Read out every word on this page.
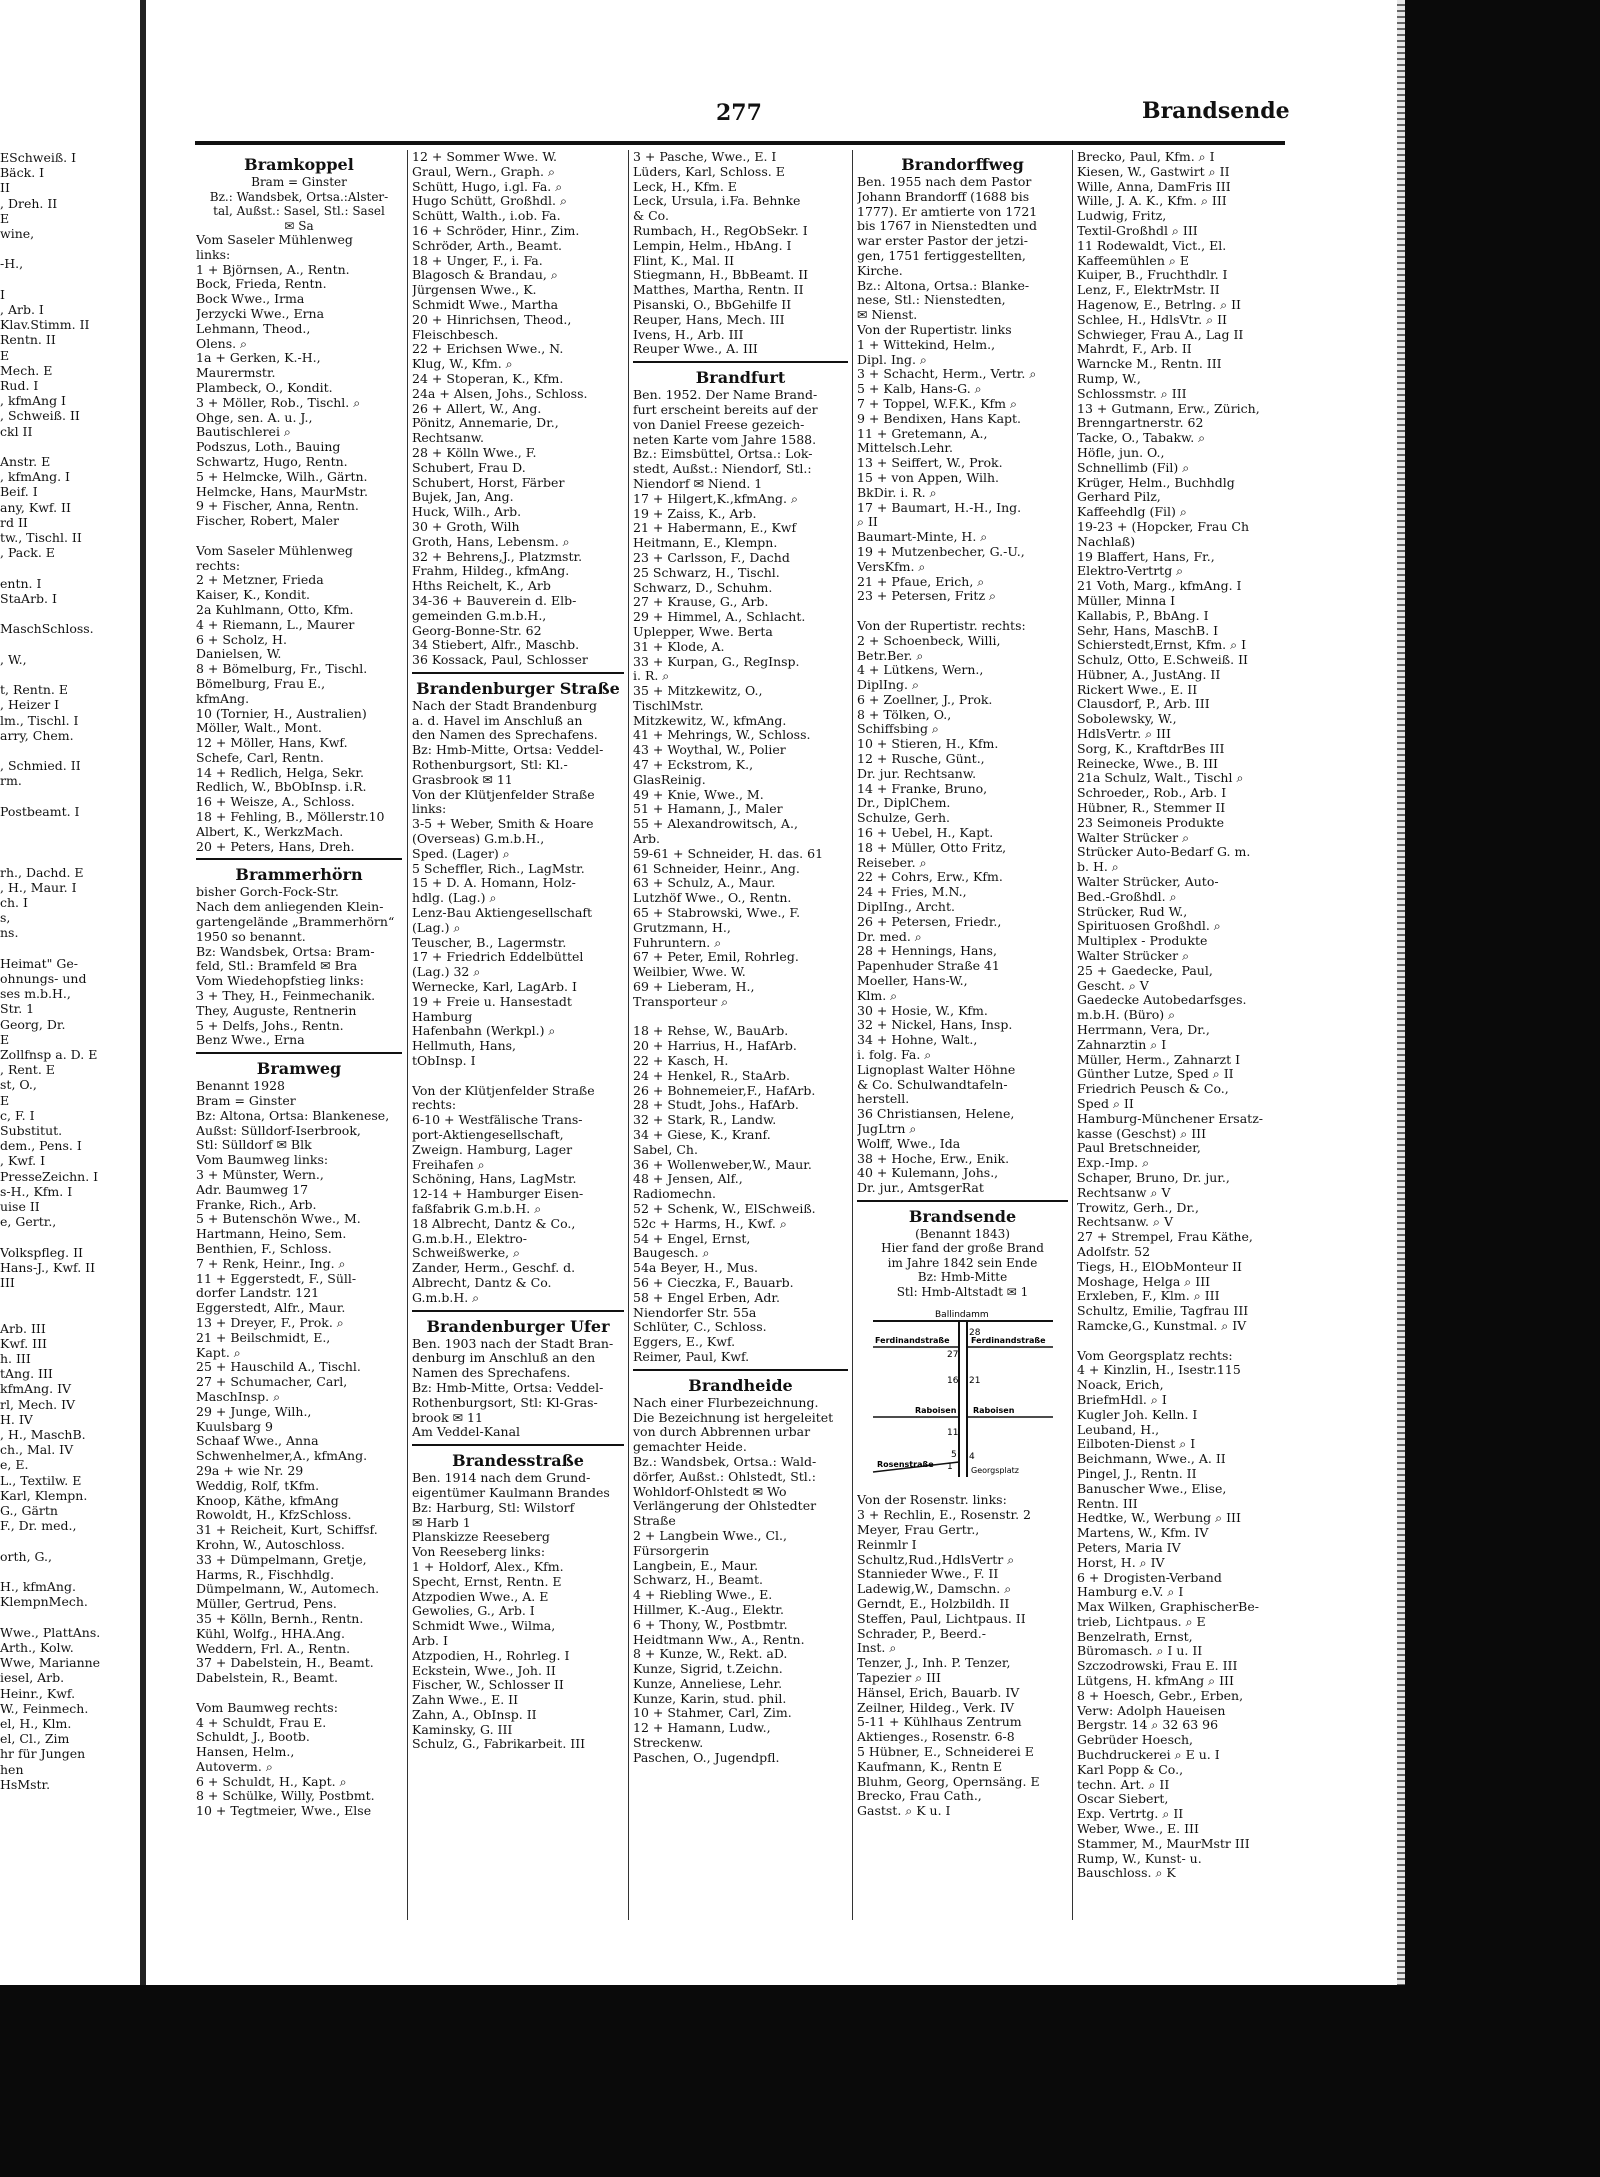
277	Brandsende
ESchweiß. I
Bäck. I
II
, Dreh. II
E
wine,

-H.,

I
, Arb. I
Klav.Stimm. II
Rentn. II
E
Mech. E
Rud. I
, kfmAng I
, Schweiß. II
ckl II

Anstr. E
, kfmAng. I
Beif. I
any, Kwf. II
rd II
tw., Tischl. II
, Pack. E

entn. I
StaArb. I

MaschSchloss.

, W.,

t, Rentn. E
, Heizer I
lm., Tischl. I
arry, Chem.

, Schmied. II
rm.

Postbeamt. I

rh., Dachd. E
, H., Maur. I
ch. I
s,
ns.

Heimat" Ge-
ohnungs- und
ses m.b.H.,
Str. 1
Georg, Dr.
E
Zollfnsp a. D. E
, Rent. E
st, O.,
E
c, F. I
Substitut.
dem., Pens. I
, Kwf. I
PresseZeichn. I
s-H., Kfm. I
uise II
e, Gertr.,

Volkspfleg. II
Hans-J., Kwf. II
III

Arb. III
Kwf. III
h. III
tAng. III
kfmAng. IV
rl, Mech. IV
H. IV
, H., MaschB.
ch., Mal. IV
e, E.
L., Textilw. E
Karl, Klempn.
G., Gärtn
F., Dr. med.,

orth, G.,

H., kfmAng.
KlempnMech.

Wwe., PlattAns.
Arth., Kolw.
Wwe, Marianne
iesel, Arb.
Heinr., Kwf.
W., Feinmech.
el, H., Klm.
el, Cl., Zim
hr für Jungen
hen
HsMstr.
Bramkoppel
Bram = Ginster
Bz.: Wandsbek, Ortsa.:Alster-
tal, Außst.: Sasel, Stl.: Sasel
✉ Sa
Vom Saseler Mühlenweg
links:
1 + Björnsen, A., Rentn.
Bock, Frieda, Rentn.
Bock Wwe., Irma
Jerzycki Wwe., Erna
Lehmann, Theod.,
Olens. ⌕
1a + Gerken, K.-H.,
Maurermstr.
Plambeck, O., Kondit.
3 + Möller, Rob., Tischl. ⌕
Ohge, sen. A. u. J.,
Bautischlerei ⌕
Podszus, Loth., Bauing
Schwartz, Hugo, Rentn.
5 + Helmcke, Wilh., Gärtn.
Helmcke, Hans, MaurMstr.
9 + Fischer, Anna, Rentn.
Fischer, Robert, Maler

Vom Saseler Mühlenweg
rechts:
2 + Metzner, Frieda
Kaiser, K., Kondit.
2a Kuhlmann, Otto, Kfm.
4 + Riemann, L., Maurer
6 + Scholz, H.
Danielsen, W.
8 + Bömelburg, Fr., Tischl.
Bömelburg, Frau E.,
kfmAng.
10 (Tornier, H., Australien)
Möller, Walt., Mont.
12 + Möller, Hans, Kwf.
Schefe, Carl, Rentn.
14 + Redlich, Helga, Sekr.
Redlich, W., BbObInsp. i.R.
16 + Weisze, A., Schloss.
18 + Fehling, B., Möllerstr.10
Albert, K., WerkzMach.
20 + Peters, Hans, Dreh.
Brammerhörn
bisher Gorch-Fock-Str.
Nach dem anliegenden Klein-
gartengelände „Brammerhörn“
1950 so benannt.
Bz: Wandsbek, Ortsa: Bram-
feld, Stl.: Bramfeld ✉ Bra
Vom Wiedehopfstieg links:
3 + They, H., Feinmechanik.
They, Auguste, Rentnerin
5 + Delfs, Johs., Rentn.
Benz Wwe., Erna
Bramweg
Benannt 1928
Bram = Ginster
Bz: Altona, Ortsa: Blankenese,
Außst: Sülldorf-Iserbrook,
Stl: Sülldorf ✉ Blk
Vom Baumweg links:
3 + Münster, Wern.,
Adr. Baumweg 17
Franke, Rich., Arb.
5 + Butenschön Wwe., M.
Hartmann, Heino, Sem.
Benthien, F., Schloss.
7 + Renk, Heinr., Ing. ⌕
11 + Eggerstedt, F., Süll-
dorfer Landstr. 121
Eggerstedt, Alfr., Maur.
13 + Dreyer, F., Prok. ⌕
21 + Beilschmidt, E.,
Kapt. ⌕
25 + Hauschild A., Tischl.
27 + Schumacher, Carl,
MaschInsp. ⌕
29 + Junge, Wilh.,
Kuulsbarg 9
Schaaf Wwe., Anna
Schwenhelmer,A., kfmAng.
29a + wie Nr. 29
Weddig, Rolf, tKfm.
Knoop, Käthe, kfmAng
Rowoldt, H., KfzSchloss.
31 + Reicheit, Kurt, Schiffsf.
Krohn, W., Autoschloss.
33 + Dümpelmann, Gretje,
Harms, R., Fischhdlg.
Dümpelmann, W., Automech.
Müller, Gertrud, Pens.
35 + Kölln, Bernh., Rentn.
Kühl, Wolfg., HHA.Ang.
Weddern, Frl. A., Rentn.
37 + Dabelstein, H., Beamt.
Dabelstein, R., Beamt.

Vom Baumweg rechts:
4 + Schuldt, Frau E.
Schuldt, J., Bootb.
Hansen, Helm.,
Autoverm. ⌕
6 + Schuldt, H., Kapt. ⌕
8 + Schülke, Willy, Postbmt.
10 + Tegtmeier, Wwe., Else
12 + Sommer Wwe. W.
Graul, Wern., Graph. ⌕
Schütt, Hugo, i.gl. Fa. ⌕
Hugo Schütt, Großhdl. ⌕
Schütt, Walth., i.ob. Fa.
16 + Schröder, Hinr., Zim.
Schröder, Arth., Beamt.
18 + Unger, F., i. Fa.
Blagosch & Brandau, ⌕
Jürgensen Wwe., K.
Schmidt Wwe., Martha
20 + Hinrichsen, Theod.,
Fleischbesch.
22 + Erichsen Wwe., N.
Klug, W., Kfm. ⌕
24 + Stoperan, K., Kfm.
24a + Alsen, Johs., Schloss.
26 + Allert, W., Ang.
Pönitz, Annemarie, Dr.,
Rechtsanw.
28 + Kölln Wwe., F.
Schubert, Frau D.
Schubert, Horst, Färber
Bujek, Jan, Ang.
Huck, Wilh., Arb.
30 + Groth, Wilh
Groth, Hans, Lebensm. ⌕
32 + Behrens,J., Platzmstr.
Frahm, Hildeg., kfmAng.
Hths Reichelt, K., Arb
34-36 + Bauverein d. Elb-
gemeinden G.m.b.H.,
Georg-Bonne-Str. 62
34 Stiebert, Alfr., Maschb.
36 Kossack, Paul, Schlosser
Brandenburger Straße
Nach der Stadt Brandenburg
a. d. Havel im Anschluß an
den Namen des Sprechafens.
Bz: Hmb-Mitte, Ortsa: Veddel-
Rothenburgsort, Stl: Kl.-
Grasbrook ✉ 11
Von der Klütjenfelder Straße
links:
3-5 + Weber, Smith & Hoare
(Overseas) G.m.b.H.,
Sped. (Lager) ⌕
5 Scheffler, Rich., LagMstr.
15 + D. A. Homann, Holz-
hdlg. (Lag.) ⌕
Lenz-Bau Aktiengesellschaft
(Lag.) ⌕
Teuscher, B., Lagermstr.
17 + Friedrich Eddelbüttel
(Lag.) 32 ⌕
Wernecke, Karl, LagArb. I
19 + Freie u. Hansestadt
Hamburg
Hafenbahn (Werkpl.) ⌕
Hellmuth, Hans,
tObInsp. I

Von der Klütjenfelder Straße
rechts:
6-10 + Westfälische Trans-
port-Aktiengesellschaft,
Zweign. Hamburg, Lager
Freihafen ⌕
Schöning, Hans, LagMstr.
12-14 + Hamburger Eisen-
faßfabrik G.m.b.H. ⌕
18 Albrecht, Dantz & Co.,
G.m.b.H., Elektro-
Schweißwerke, ⌕
Zander, Herm., Geschf. d.
Albrecht, Dantz & Co.
G.m.b.H. ⌕
Brandenburger Ufer
Ben. 1903 nach der Stadt Bran-
denburg im Anschluß an den
Namen des Sprechafens.
Bz: Hmb-Mitte, Ortsa: Veddel-
Rothenburgsort, Stl: Kl-Gras-
brook ✉ 11
Am Veddel-Kanal
Brandesstraße
Ben. 1914 nach dem Grund-
eigentümer Kaulmann Brandes
Bz: Harburg, Stl: Wilstorf
✉ Harb 1
Planskizze Reeseberg
Von Reeseberg links:
1 + Holdorf, Alex., Kfm.
Specht, Ernst, Rentn. E
Atzpodien Wwe., A. E
Gewolies, G., Arb. I
Schmidt Wwe., Wilma,
Arb. I
Atzpodien, H., Rohrleg. I
Eckstein, Wwe., Joh. II
Fischer, W., Schlosser II
Zahn Wwe., E. II
Zahn, A., ObInsp. II
Kaminsky, G. III
Schulz, G., Fabrikarbeit. III
3 + Pasche, Wwe., E. I
Lüders, Karl, Schloss. E
Leck, H., Kfm. E
Leck, Ursula, i.Fa. Behnke
& Co.
Rumbach, H., RegObSekr. I
Lempin, Helm., HbAng. I
Flint, K., Mal. II
Stiegmann, H., BbBeamt. II
Matthes, Martha, Rentn. II
Pisanski, O., BbGehilfe II
Reuper, Hans, Mech. III
Ivens, H., Arb. III
Reuper Wwe., A. III
Brandfurt
Ben. 1952. Der Name Brand-
furt erscheint bereits auf der
von Daniel Freese gezeich-
neten Karte vom Jahre 1588.
Bz.: Eimsbüttel, Ortsa.: Lok-
stedt, Außst.: Niendorf, Stl.:
Niendorf ✉ Niend. 1
17 + Hilgert,K.,kfmAng. ⌕
19 + Zaiss, K., Arb.
21 + Habermann, E., Kwf
Heitmann, E., Klempn.
23 + Carlsson, F., Dachd
25 Schwarz, H., Tischl.
Schwarz, D., Schuhm.
27 + Krause, G., Arb.
29 + Himmel, A., Schlacht.
Uplepper, Wwe. Berta
31 + Klode, A.
33 + Kurpan, G., RegInsp.
i. R. ⌕
35 + Mitzkewitz, O.,
TischlMstr.
Mitzkewitz, W., kfmAng.
41 + Mehrings, W., Schloss.
43 + Woythal, W., Polier
47 + Eckstrom, K.,
GlasReinig.
49 + Knie, Wwe., M.
51 + Hamann, J., Maler
55 + Alexandrowitsch, A.,
Arb.
59-61 + Schneider, H. das. 61
61 Schneider, Heinr., Ang.
63 + Schulz, A., Maur.
Lutzhöf Wwe., O., Rentn.
65 + Stabrowski, Wwe., F.
Grutzmann, H.,
Fuhruntern. ⌕
67 + Peter, Emil, Rohrleg.
Weilbier, Wwe. W.
69 + Lieberam, H.,
Transporteur ⌕

18 + Rehse, W., BauArb.
20 + Harrius, H., HafArb.
22 + Kasch, H.
24 + Henkel, R., StaArb.
26 + Bohnemeier,F., HafArb.
28 + Studt, Johs., HafArb.
32 + Stark, R., Landw.
34 + Giese, K., Kranf.
Sabel, Ch.
36 + Wollenweber,W., Maur.
48 + Jensen, Alf.,
Radiomechn.
52 + Schenk, W., ElSchweiß.
52c + Harms, H., Kwf. ⌕
54 + Engel, Ernst,
Baugesch. ⌕
54a Beyer, H., Mus.
56 + Cieczka, F., Bauarb.
58 + Engel Erben, Adr.
Niendorfer Str. 55a
Schlüter, C., Schloss.
Eggers, E., Kwf.
Reimer, Paul, Kwf.
Brandheide
Nach einer Flurbezeichnung.
Die Bezeichnung ist hergeleitet
von durch Abbrennen urbar
gemachter Heide.
Bz.: Wandsbek, Ortsa.: Wald-
dörfer, Außst.: Ohlstedt, Stl.:
Wohldorf-Ohlstedt ✉ Wo
Verlängerung der Ohlstedter
Straße
2 + Langbein Wwe., Cl.,
Fürsorgerin
Langbein, E., Maur.
Schwarz, H., Beamt.
4 + Riebling Wwe., E.
Hillmer, K.-Aug., Elektr.
6 + Thony, W., Postbmtr.
Heidtmann Ww., A., Rentn.
8 + Kunze, W., Rekt. aD.
Kunze, Sigrid, t.Zeichn.
Kunze, Anneliese, Lehr.
Kunze, Karin, stud. phil.
10 + Stahmer, Carl, Zim.
12 + Hamann, Ludw.,
Streckenw.
Paschen, O., Jugendpfl.
Brandorffweg
Ben. 1955 nach dem Pastor
Johann Brandorff (1688 bis
1777). Er amtierte von 1721
bis 1767 in Nienstedten und
war erster Pastor der jetzi-
gen, 1751 fertiggestellten,
Kirche.
Bz.: Altona, Ortsa.: Blanke-
nese, Stl.: Nienstedten,
✉ Nienst.
Von der Rupertistr. links
1 + Wittekind, Helm.,
Dipl. Ing. ⌕
3 + Schacht, Herm., Vertr. ⌕
5 + Kalb, Hans-G. ⌕
7 + Toppel, W.F.K., Kfm ⌕
9 + Bendixen, Hans Kapt.
11 + Gretemann, A.,
Mittelsch.Lehr.
13 + Seiffert, W., Prok.
15 + von Appen, Wilh.
BkDir. i. R. ⌕
17 + Baumart, H.-H., Ing.
⌕ II
Baumart-Minte, H. ⌕
19 + Mutzenbecher, G.-U.,
VersKfm. ⌕
21 + Pfaue, Erich, ⌕
23 + Petersen, Fritz ⌕

Von der Rupertistr. rechts:
2 + Schoenbeck, Willi,
Betr.Ber. ⌕
4 + Lütkens, Wern.,
DiplIng. ⌕
6 + Zoellner, J., Prok.
8 + Tölken, O.,
Schiffsbing ⌕
10 + Stieren, H., Kfm.
12 + Rusche, Günt.,
Dr. jur. Rechtsanw.
14 + Franke, Bruno,
Dr., DiplChem.
Schulze, Gerh.
16 + Uebel, H., Kapt.
18 + Müller, Otto Fritz,
Reiseber. ⌕
22 + Cohrs, Erw., Kfm.
24 + Fries, M.N.,
DiplIng., Archt.
26 + Petersen, Friedr.,
Dr. med. ⌕
28 + Hennings, Hans,
Papenhuder Straße 41
Moeller, Hans-W.,
Klm. ⌕
30 + Hosie, W., Kfm.
32 + Nickel, Hans, Insp.
34 + Hohne, Walt.,
i. folg. Fa. ⌕
Lignoplast Walter Höhne
& Co. Schulwandtafeln-
herstell.
36 Christiansen, Helene,
JugLtrn ⌕
Wolff, Wwe., Ida
38 + Hoche, Erw., Enik.
40 + Kulemann, Johs.,
Dr. jur., AmtsgerRat
Brandsende
(Benannt 1843)
Hier fand der große Brand
im Jahre 1842 sein Ende
Bz: Hmb-Mitte
Stl: Hmb-Altstadt ✉ 1
Ballindamm
Ferdinandstraße	Ferdinandstraße
Raboisen Raboisen
Rosenstraße
Georgsplatz
28
27
16 21
11
1
4
5
Von der Rosenstr. links:
3 + Rechlin, E., Rosenstr. 2
Meyer, Frau Gertr.,
Reinmlr I
Schultz,Rud.,HdlsVertr ⌕
Stannieder Wwe., F. II
Ladewig,W., Damschn. ⌕
Gerndt, E., Holzbildh. II
Steffen, Paul, Lichtpaus. II
Schrader, P., Beerd.-
Inst. ⌕
Tenzer, J., Inh. P. Tenzer,
Tapezier ⌕ III
Hänsel, Erich, Bauarb. IV
Zeilner, Hildeg., Verk. IV
5-11 + Kühlhaus Zentrum
Aktienges., Rosenstr. 6-8
5 Hübner, E., Schneiderei E
Kaufmann, K., Rentn E
Bluhm, Georg, Opernsäng. E
Brecko, Frau Cath.,
Gastst. ⌕ K u. I
Brecko, Paul, Kfm. ⌕ I
Kiesen, W., Gastwirt ⌕ II
Wille, Anna, DamFris III
Wille, J. A. K., Kfm. ⌕ III
Ludwig, Fritz,
Textil-Großhdl ⌕ III
11 Rodewaldt, Vict., El.
Kaffeemühlen ⌕ E
Kuiper, B., Fruchthdlr. I
Lenz, F., ElektrMstr. II
Hagenow, E., Betrlng. ⌕ II
Schlee, H., HdlsVtr. ⌕ II
Schwieger, Frau A., Lag II
Mahrdt, F., Arb. II
Warncke M., Rentn. III
Rump, W.,
Schlossmstr. ⌕ III
13 + Gutmann, Erw., Zürich,
Brenngartnerstr. 62
Tacke, O., Tabakw. ⌕
Höfle, jun. O.,
Schnellimb (Fil) ⌕
Krüger, Helm., Buchhdlg
Gerhard Pilz,
Kaffeehdlg (Fil) ⌕
19-23 + (Hopcker, Frau Ch
Nachlaß)
19 Blaffert, Hans, Fr.,
Elektro-Vertrtg ⌕
21 Voth, Marg., kfmAng. I
Müller, Minna I
Kallabis, P., BbAng. I
Sehr, Hans, MaschB. I
Schierstedt,Ernst, Kfm. ⌕ I
Schulz, Otto, E.Schweiß. II
Hübner, A., JustAng. II
Rickert Wwe., E. II
Clausdorf, P., Arb. III
Sobolewsky, W.,
HdlsVertr. ⌕ III
Sorg, K., KraftdrBes III
Reinecke, Wwe., B. III
21a Schulz, Walt., Tischl ⌕
Schroeder,, Rob., Arb. I
Hübner, R., Stemmer II
23 Seimoneis Produkte
Walter Strücker ⌕
Strücker Auto-Bedarf G. m.
b. H. ⌕
Walter Strücker, Auto-
Bed.-Großhdl. ⌕
Strücker, Rud W.,
Spirituosen Großhdl. ⌕
Multiplex - Produkte
Walter Strücker ⌕
25 + Gaedecke, Paul,
Gescht. ⌕ V
Gaedecke Autobedarfsges.
m.b.H. (Büro) ⌕
Herrmann, Vera, Dr.,
Zahnarztin ⌕ I
Müller, Herm., Zahnarzt I
Günther Lutze, Sped ⌕ II
Friedrich Peusch & Co.,
Sped ⌕ II
Hamburg-Münchener Ersatz-
kasse (Geschst) ⌕ III
Paul Bretschneider,
Exp.-Imp. ⌕
Schaper, Bruno, Dr. jur.,
Rechtsanw ⌕ V
Trowitz, Gerh., Dr.,
Rechtsanw. ⌕ V
27 + Strempel, Frau Käthe,
Adolfstr. 52
Tiegs, H., ElObMonteur II
Moshage, Helga ⌕ III
Erxleben, F., Klm. ⌕ III
Schultz, Emilie, Tagfrau III
Ramcke,G., Kunstmal. ⌕ IV

Vom Georgsplatz rechts:
4 + Kinzlin, H., Isestr.115
Noack, Erich,
BriefmHdl. ⌕ I
Kugler Joh. Kelln. I
Leuband, H.,
Eilboten-Dienst ⌕ I
Beichmann, Wwe., A. II
Pingel, J., Rentn. II
Banuscher Wwe., Elise,
Rentn. III
Hedtke, W., Werbung ⌕ III
Martens, W., Kfm. IV
Peters, Maria IV
Horst, H. ⌕ IV
6 + Drogisten-Verband
Hamburg e.V. ⌕ I
Max Wilken, GraphischerBe-
trieb, Lichtpaus. ⌕ E
Benzelrath, Ernst,
Büromasch. ⌕ I u. II
Szczodrowski, Frau E. III
Lütgens, H. kfmAng ⌕ III
8 + Hoesch, Gebr., Erben,
Verw: Adolph Haueisen
Bergstr. 14 ⌕ 32 63 96
Gebrüder Hoesch,
Buchdruckerei ⌕ E u. I
Karl Popp & Co.,
techn. Art. ⌕ II
Oscar Siebert,
Exp. Vertrtg. ⌕ II
Weber, Wwe., E. III
Stammer, M., MaurMstr III
Rump, W., Kunst- u.
Bauschloss. ⌕ K
